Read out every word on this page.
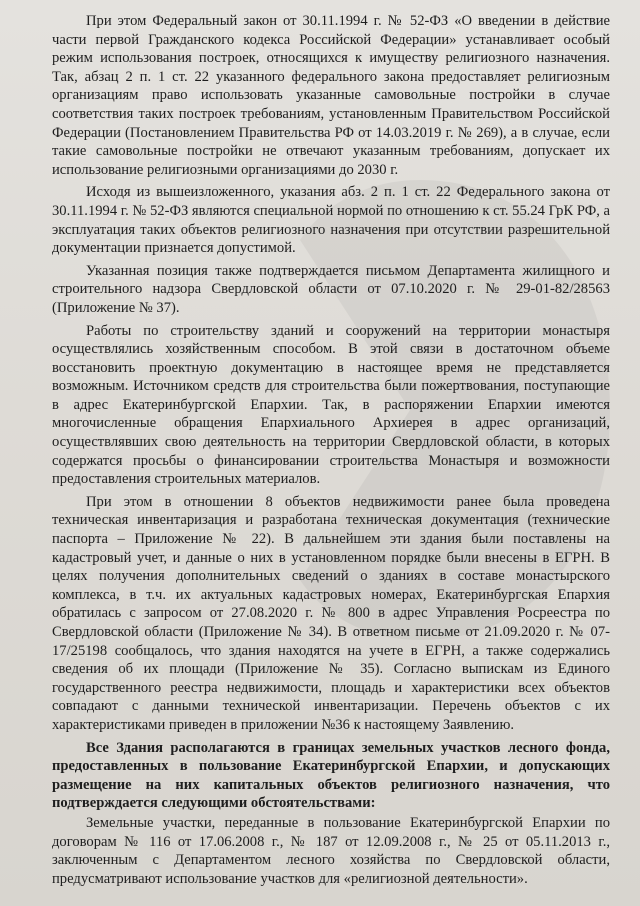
При этом Федеральный закон от 30.11.1994 г. № 52-ФЗ «О введении в действие части первой Гражданского кодекса Российской Федерации» устанавливает особый режим использования построек, относящихся к имуществу религиозного назначения. Так, абзац 2 п. 1 ст. 22 указанного федерального закона предоставляет религиозным организациям право использовать указанные самовольные постройки в случае соответствия таких построек требованиям, установленным Правительством Российской Федерации (Постановлением Правительства РФ от 14.03.2019 г. № 269), а в случае, если такие самовольные постройки не отвечают указанным требованиям, допускает их использование религиозными организациями до 2030 г.

Исходя из вышеизложенного, указания абз. 2 п. 1 ст. 22 Федерального закона от 30.11.1994 г. № 52-ФЗ являются специальной нормой по отношению к ст. 55.24 ГрК РФ, а эксплуатация таких объектов религиозного назначения при отсутствии разрешительной документации признается допустимой.

Указанная позиция также подтверждается письмом Департамента жилищного и строительного надзора Свердловской области от 07.10.2020 г. № 29-01-82/28563 (Приложение № 37).

Работы по строительству зданий и сооружений на территории монастыря осуществлялись хозяйственным способом. В этой связи в достаточном объеме восстановить проектную документацию в настоящее время не представляется возможным. Источником средств для строительства были пожертвования, поступающие в адрес Екатеринбургской Епархии. Так, в распоряжении Епархии имеются многочисленные обращения Епархиального Архиерея в адрес организаций, осуществлявших свою деятельность на территории Свердловской области, в которых содержатся просьбы о финансировании строительства Монастыря и возможности предоставления строительных материалов.

При этом в отношении 8 объектов недвижимости ранее была проведена техническая инвентаризация и разработана техническая документация (технические паспорта – Приложение № 22). В дальнейшем эти здания были поставлены на кадастровый учет, и данные о них в установленном порядке были внесены в ЕГРН. В целях получения дополнительных сведений о зданиях в составе монастырского комплекса, в т.ч. их актуальных кадастровых номерах, Екатеринбургская Епархия обратилась с запросом от 27.08.2020 г. № 800 в адрес Управления Росреестра по Свердловской области (Приложение № 34). В ответном письме от 21.09.2020 г. № 07-17/25198 сообщалось, что здания находятся на учете в ЕГРН, а также содержались сведения об их площади (Приложение № 35). Согласно выпискам из Единого государственного реестра недвижимости, площадь и характеристики всех объектов совпадают с данными технической инвентаризации. Перечень объектов с их характеристиками приведен в приложении №36 к настоящему Заявлению.

Все Здания располагаются в границах земельных участков лесного фонда, предоставленных в пользование Екатеринбургской Епархии, и допускающих размещение на них капитальных объектов религиозного назначения, что подтверждается следующими обстоятельствами:

Земельные участки, переданные в пользование Екатеринбургской Епархии по договорам № 116 от 17.06.2008 г., № 187 от 12.09.2008 г., № 25 от 05.11.2013 г., заключенным с Департаментом лесного хозяйства по Свердловской области, предусматривают использование участков для «религиозной деятельности».
